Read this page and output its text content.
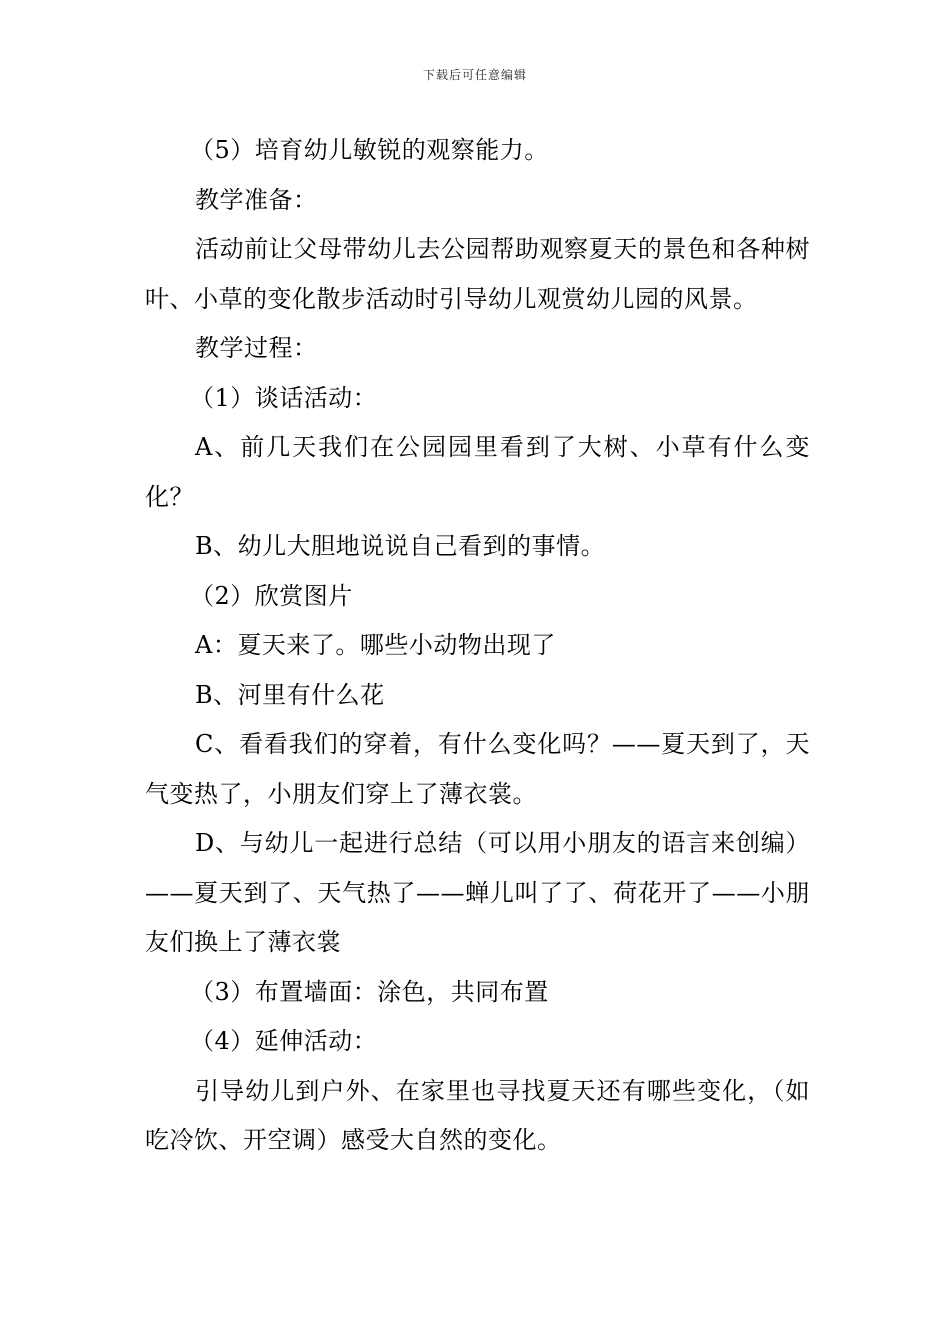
下载后可任意编辑

（5）培育幼儿敏锐的观察能力。

教学准备：

活动前让父母带幼儿去公园帮助观察夏天的景色和各种树叶、小草的变化散步活动时引导幼儿观赏幼儿园的风景。

教学过程：

（1）谈话活动：

A、前几天我们在公园园里看到了大树、小草有什么变化？

B、幼儿大胆地说说自己看到的事情。

（2）欣赏图片

A：夏天来了。哪些小动物出现了

B、河里有什么花

C、看看我们的穿着，有什么变化吗？——夏天到了，天气变热了，小朋友们穿上了薄衣裳。

D、与幼儿一起进行总结（可以用小朋友的语言来创编）——夏天到了、天气热了——蝉儿叫了了、荷花开了——小朋友们换上了薄衣裳

（3）布置墙面：涂色，共同布置

（4）延伸活动：

引导幼儿到户外、在家里也寻找夏天还有哪些变化，（如吃冷饮、开空调）感受大自然的变化。
